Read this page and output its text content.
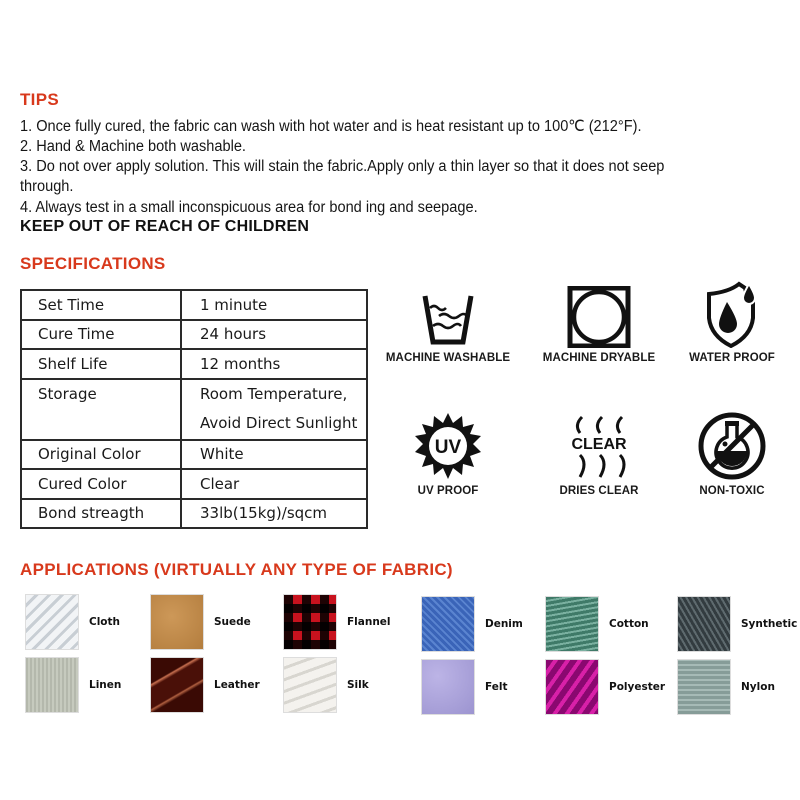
TIPS
1. Once fully cured, the fabric can wash with hot water and is heat resistant up to 100℃ (212°F).
2. Hand & Machine both washable.
3. Do not over apply solution. This will stain the fabric.Apply only a thin layer so that it does not seep
through.
4. Always test in a small inconspicuous area for bond ing and seepage.
KEEP OUT OF REACH OF CHILDREN
SPECIFICATIONS
Set Time	1 minute
Cure Time	24 hours
Shelf Life	12 months
Storage	Room Temperature,
Avoid Direct Sunlight

Original Color	White
Cured Color	Clear
Bond streagth	33lb(15kg)/sqcm
MACHINE WASHABLE	MACHINE DRYABLE	WATER PROOF
UV
UV PROOF
CLEAR
DRIES CLEAR	NON-TOXIC
APPLICATIONS (VIRTUALLY ANY TYPE OF FABRIC)
Cloth	Suede	Flannel	Denim	Cotton	Synthetic
Linen	Leather	Silk	Felt	Polyester	Nylon
